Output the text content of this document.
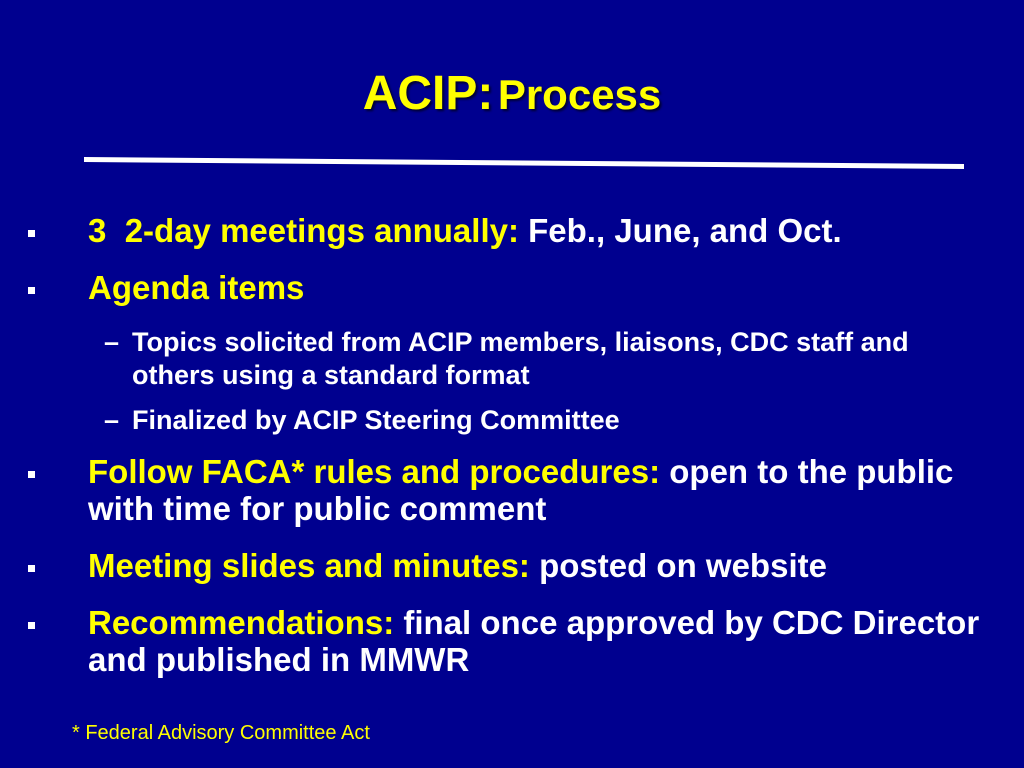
ACIP: Process
3  2-day meetings annually: Feb., June, and Oct.
Agenda items
– Topics solicited from ACIP members, liaisons, CDC staff and others using a standard format
– Finalized by ACIP Steering Committee
Follow FACA* rules and procedures: open to the public with time for public comment
Meeting slides and minutes: posted on website
Recommendations: final once approved by CDC Director and published in MMWR

* Federal Advisory Committee Act
